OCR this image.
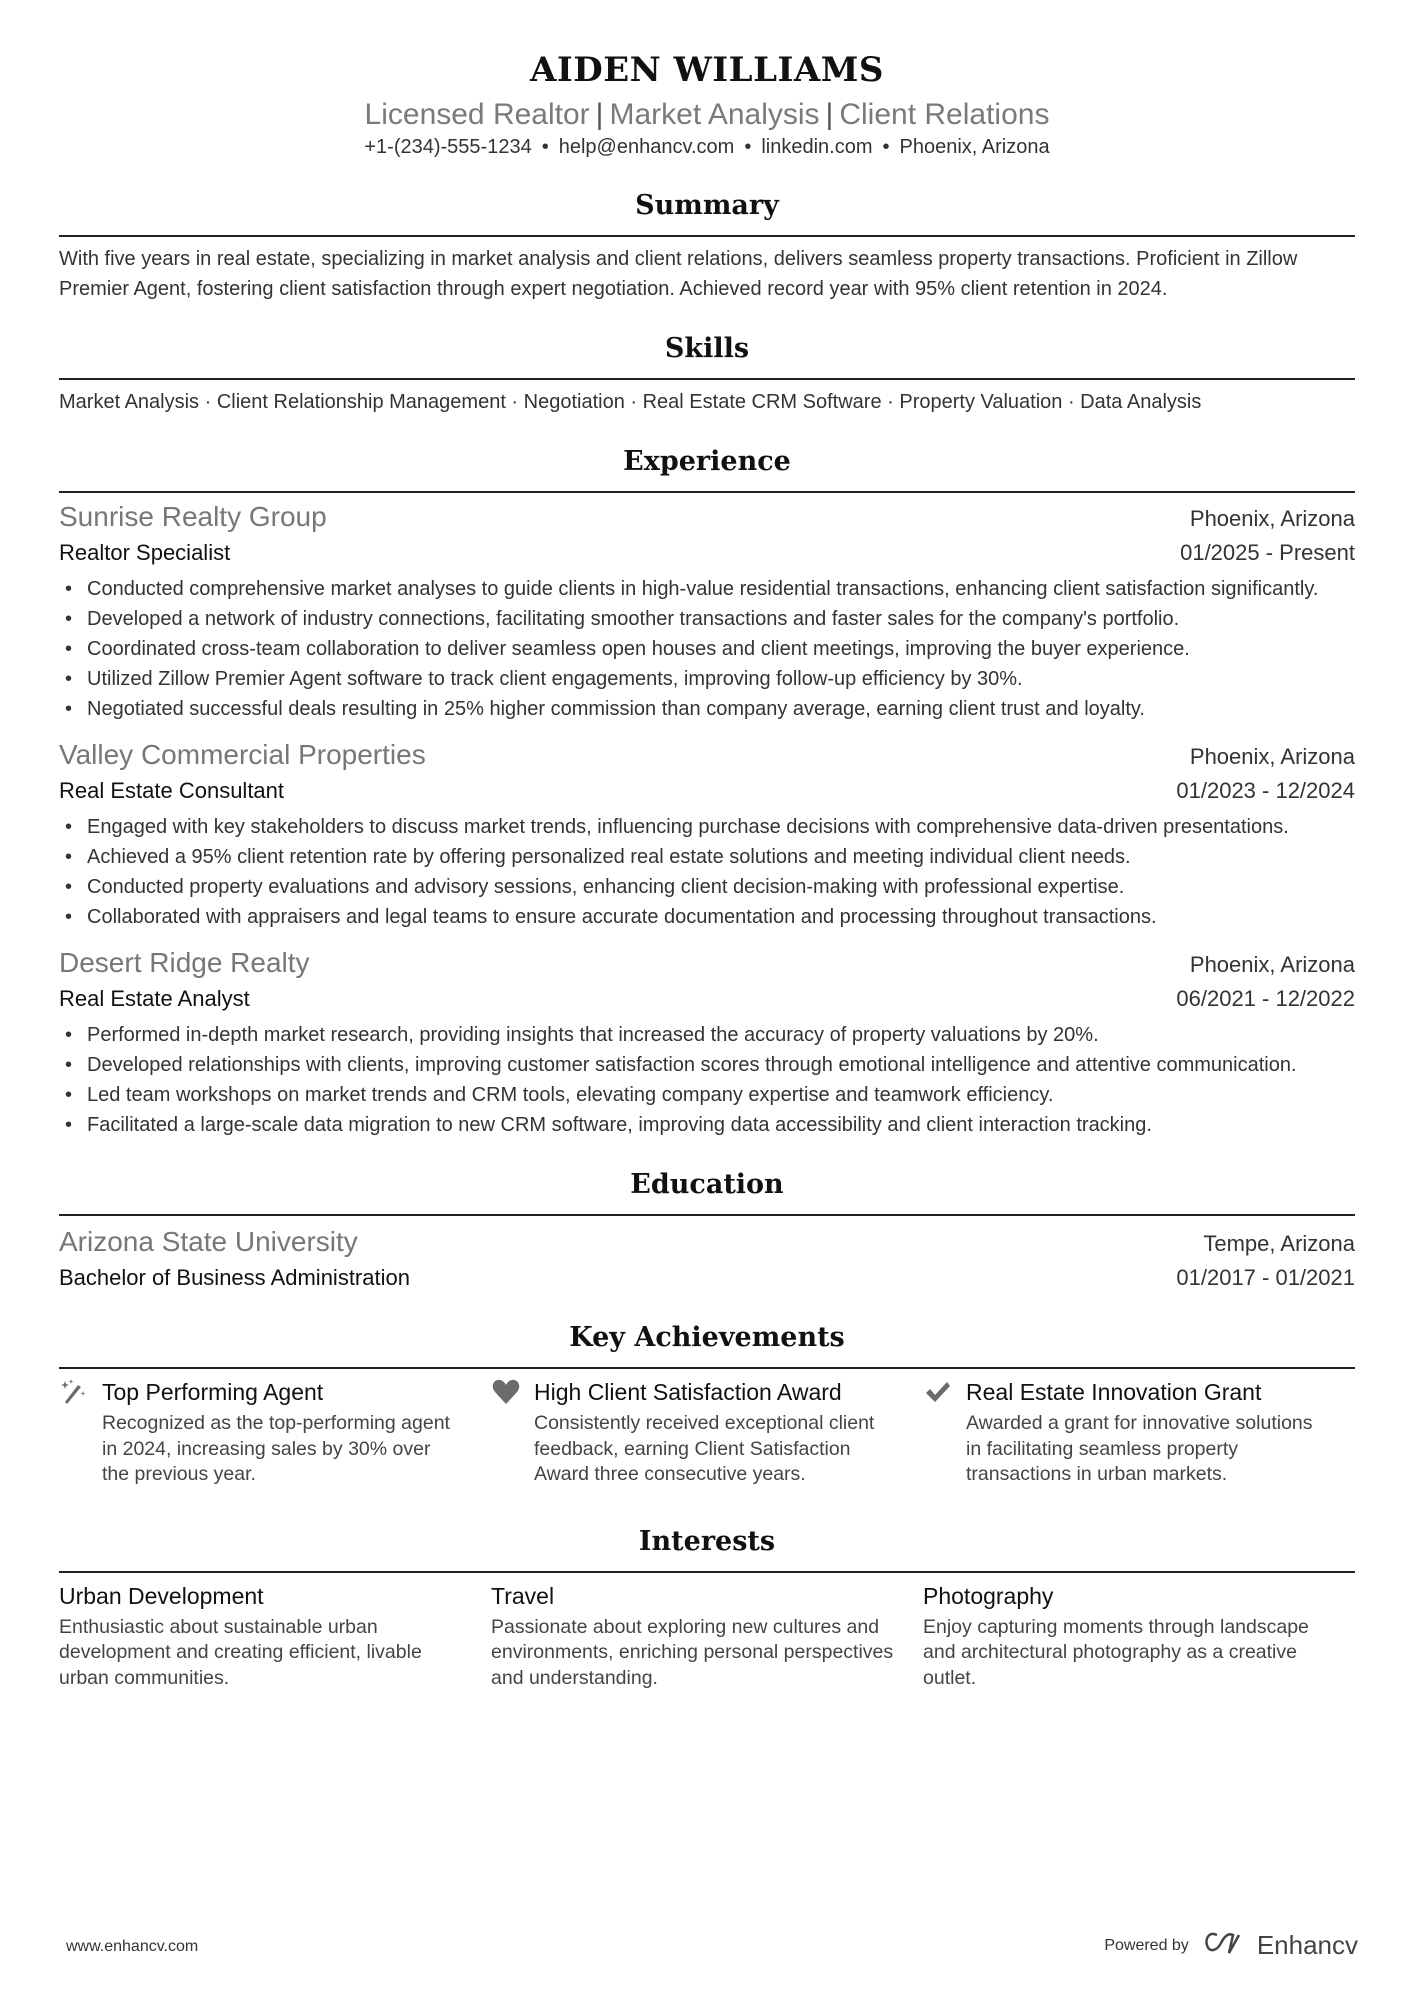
AIDEN WILLIAMS
Licensed Realtor | Market Analysis | Client Relations
+1-(234)-555-1234 • help@enhancv.com • linkedin.com • Phoenix, Arizona
Summary
With five years in real estate, specializing in market analysis and client relations, delivers seamless property transactions. Proficient in Zillow Premier Agent, fostering client satisfaction through expert negotiation. Achieved record year with 95% client retention in 2024.
Skills
Market Analysis · Client Relationship Management · Negotiation · Real Estate CRM Software · Property Valuation · Data Analysis
Experience
Sunrise Realty Group	Phoenix, Arizona
Realtor Specialist	01/2025 - Present
• Conducted comprehensive market analyses to guide clients in high-value residential transactions, enhancing client satisfaction significantly.
• Developed a network of industry connections, facilitating smoother transactions and faster sales for the company's portfolio.
• Coordinated cross-team collaboration to deliver seamless open houses and client meetings, improving the buyer experience.
• Utilized Zillow Premier Agent software to track client engagements, improving follow-up efficiency by 30%.
• Negotiated successful deals resulting in 25% higher commission than company average, earning client trust and loyalty.
Valley Commercial Properties	Phoenix, Arizona
Real Estate Consultant	01/2023 - 12/2024
• Engaged with key stakeholders to discuss market trends, influencing purchase decisions with comprehensive data-driven presentations.
• Achieved a 95% client retention rate by offering personalized real estate solutions and meeting individual client needs.
• Conducted property evaluations and advisory sessions, enhancing client decision-making with professional expertise.
• Collaborated with appraisers and legal teams to ensure accurate documentation and processing throughout transactions.
Desert Ridge Realty	Phoenix, Arizona
Real Estate Analyst	06/2021 - 12/2022
• Performed in-depth market research, providing insights that increased the accuracy of property valuations by 20%.
• Developed relationships with clients, improving customer satisfaction scores through emotional intelligence and attentive communication.
• Led team workshops on market trends and CRM tools, elevating company expertise and teamwork efficiency.
• Facilitated a large-scale data migration to new CRM software, improving data accessibility and client interaction tracking.
Education
Arizona State University	Tempe, Arizona
Bachelor of Business Administration	01/2017 - 01/2021
Key Achievements
Top Performing Agent
Recognized as the top-performing agent in 2024, increasing sales by 30% over the previous year.
High Client Satisfaction Award
Consistently received exceptional client feedback, earning Client Satisfaction Award three consecutive years.
Real Estate Innovation Grant
Awarded a grant for innovative solutions in facilitating seamless property transactions in urban markets.
Interests
Urban Development
Enthusiastic about sustainable urban development and creating efficient, livable urban communities.
Travel
Passionate about exploring new cultures and environments, enriching personal perspectives and understanding.
Photography
Enjoy capturing moments through landscape and architectural photography as a creative outlet.
www.enhancv.com	Powered by	Enhancv
